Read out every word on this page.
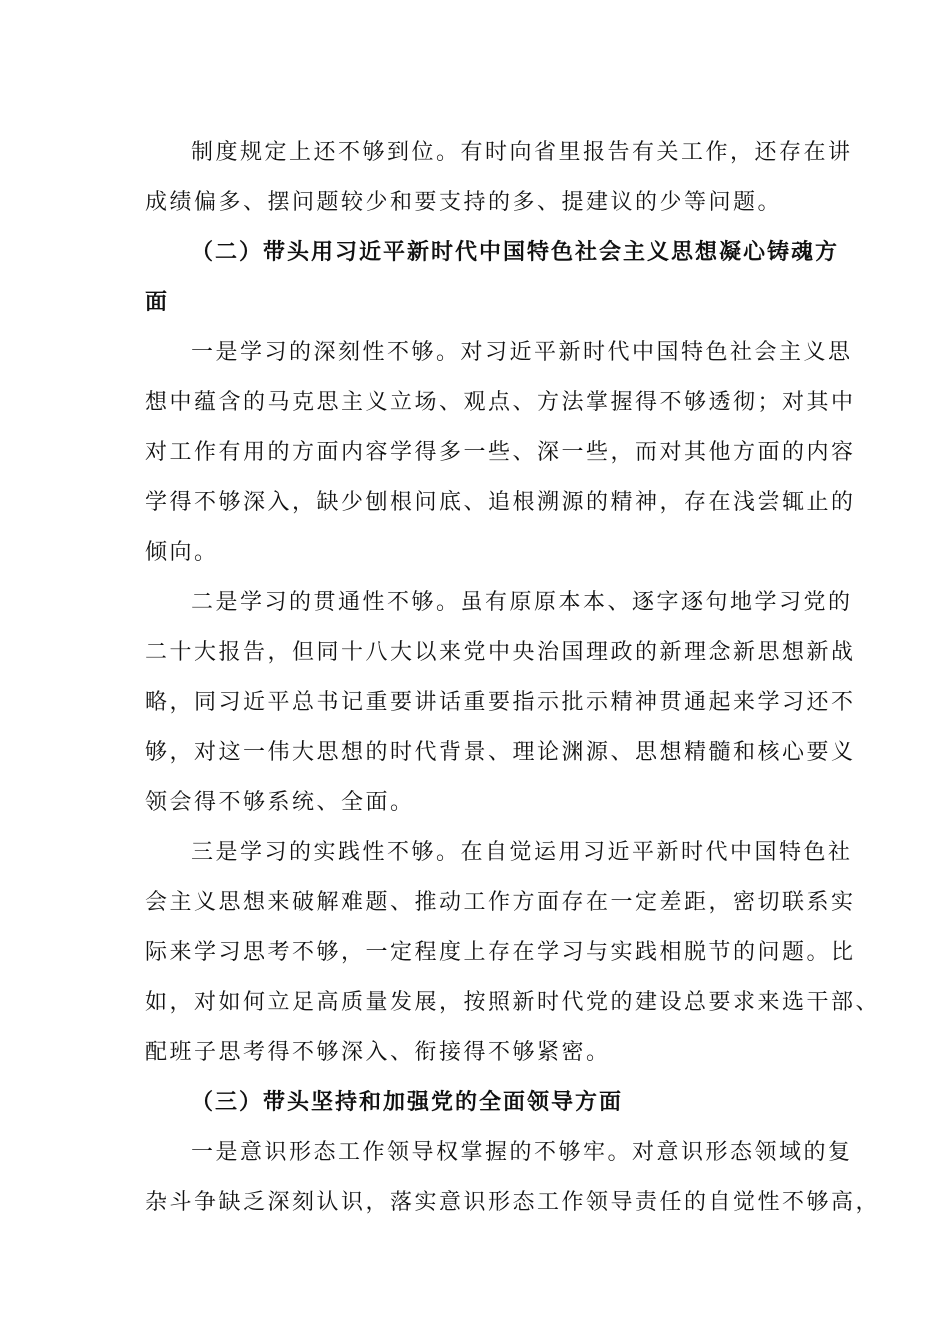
制度规定上还不够到位。有时向省里报告有关工作，还存在讲
成绩偏多、摆问题较少和要支持的多、提建议的少等问题。
（二）带头用习近平新时代中国特色社会主义思想凝心铸魂方
面
一是学习的深刻性不够。对习近平新时代中国特色社会主义思
想中蕴含的马克思主义立场、观点、方法掌握得不够透彻；对其中
对工作有用的方面内容学得多一些、深一些，而对其他方面的内容
学得不够深入，缺少刨根问底、追根溯源的精神，存在浅尝辄止的
倾向。
二是学习的贯通性不够。虽有原原本本、逐字逐句地学习党的
二十大报告，但同十八大以来党中央治国理政的新理念新思想新战
略，同习近平总书记重要讲话重要指示批示精神贯通起来学习还不
够，对这一伟大思想的时代背景、理论渊源、思想精髓和核心要义
领会得不够系统、全面。
三是学习的实践性不够。在自觉运用习近平新时代中国特色社
会主义思想来破解难题、推动工作方面存在一定差距，密切联系实
际来学习思考不够，一定程度上存在学习与实践相脱节的问题。比
如，对如何立足高质量发展，按照新时代党的建设总要求来选干部、
配班子思考得不够深入、衔接得不够紧密。
（三）带头坚持和加强党的全面领导方面
一是意识形态工作领导权掌握的不够牢。对意识形态领域的复
杂斗争缺乏深刻认识，落实意识形态工作领导责任的自觉性不够高，
